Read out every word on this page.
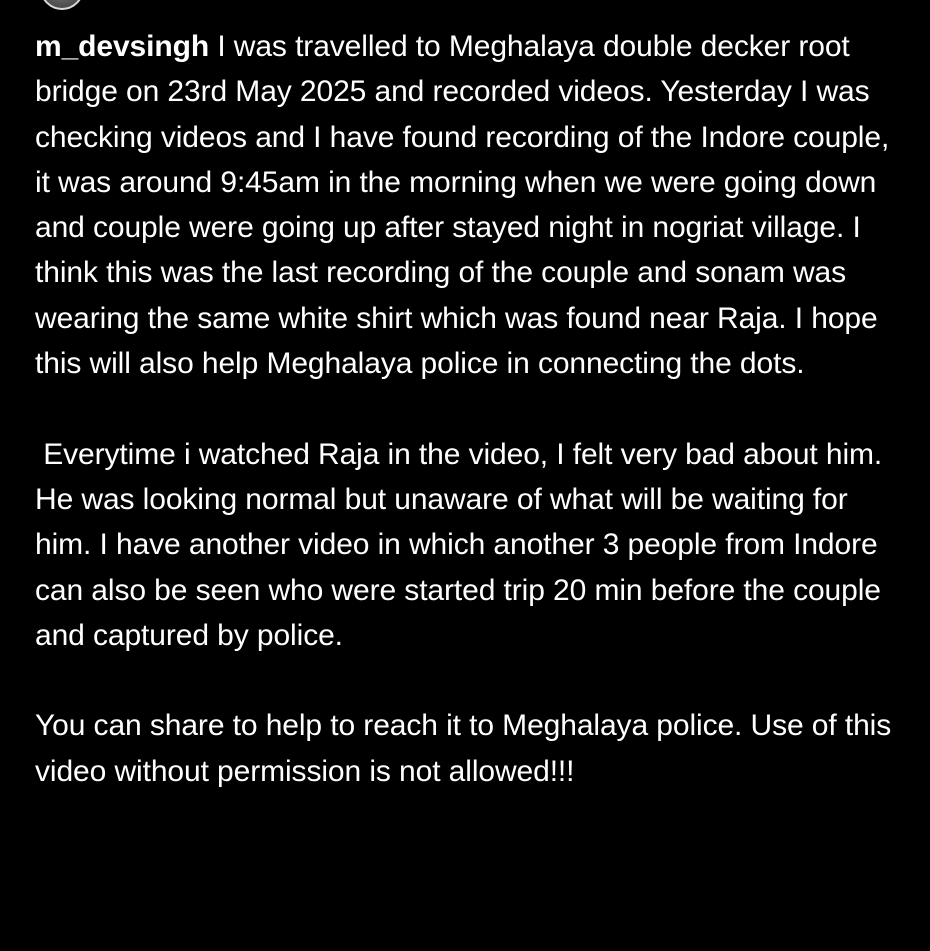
m_devsingh I was travelled to Meghalaya double decker root bridge on 23rd May 2025 and recorded videos. Yesterday I was checking videos and I have found recording of the Indore couple, it was around 9:45am in the morning when we were going down and couple were going up after stayed night in nogriat village. I think this was the last recording of the couple and sonam was wearing the same white shirt which was found near Raja. I hope this will also help Meghalaya police in connecting the dots.

Everytime i watched Raja in the video, I felt very bad about him. He was looking normal but unaware of what will be waiting for him. I have another video in which another 3 people from Indore can also be seen who were started trip 20 min before the couple and captured by police.

You can share to help to reach it to Meghalaya police. Use of this video without permission is not allowed!!!
